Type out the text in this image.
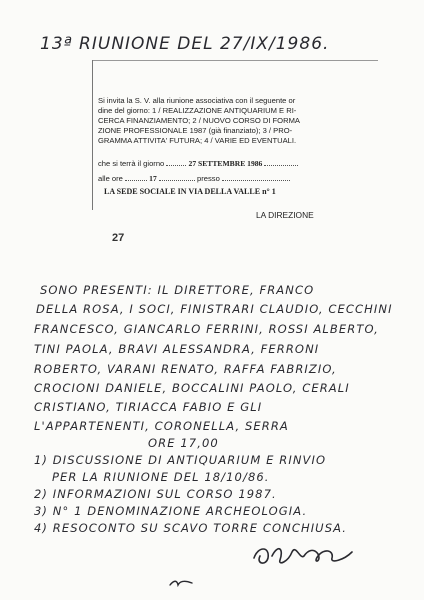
13ª RIUNIONE DEL 27/IX/1986.
Si invita la S. V. alla riunione associativa con il seguente or
dine del giorno: 1 / REALIZZAZIONE ANTIQUARIUM E RI-
CERCA FINANZIAMENTO; 2 / NUOVO CORSO DI FORMA
ZIONE PROFESSIONALE 1987 (già finanziato); 3 / PRO-
GRAMMA ATTIVITA' FUTURA; 4 / VARIE ED EVENTUALI.
che si terrà il giorno	27 SETTEMBRE 1986
alle ore	17	presso
LA SEDE SOCIALE IN VIA DELLA VALLE n° 1
LA DIREZIONE
27
SONO PRESENTI: IL DIRETTORE, FRANCO
DELLA ROSA, I SOCI, FINISTRARI CLAUDIO, CECCHINI
FRANCESCO, GIANCARLO FERRINI, ROSSI ALBERTO,
TINI PAOLA, BRAVI ALESSANDRA, FERRONI
ROBERTO, VARANI RENATO, RAFFA FABRIZIO,
CROCIONI DANIELE, BOCCALINI PAOLO, CERALI
CRISTIANO, TIRIACCA FABIO E GLI
L'APPARTENENTI, CORONELLA, SERRA
ORE 17,00
1) DISCUSSIONE DI ANTIQUARIUM E RINVIO
PER LA RIUNIONE DEL 18/10/86.
2) INFORMAZIONI SUL CORSO 1987.
3) N° 1 DENOMINAZIONE ARCHEOLOGIA.
4) RESOCONTO SU SCAVO TORRE CONCHIUSA.
